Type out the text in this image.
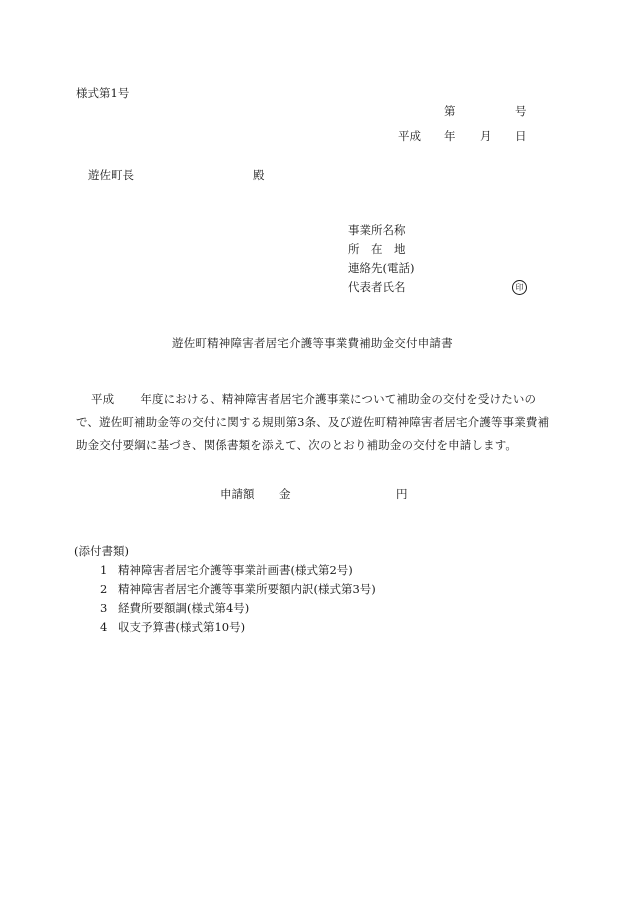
様式第1号
第	号
平成 年 月 日
遊佐町長	殿
事業所名称
所　在　地
連絡先(電話)
代表者氏名	印
遊佐町精神障害者居宅介護等事業費補助金交付申請書
平成 年度における、精神障害者居宅介護事業について補助金の交付を受けたいので、遊佐町補助金等の交付に関する規則第3条、及び遊佐町精神障害者居宅介護等事業費補助金交付要綱に基づき、関係書類を添えて、次のとおり補助金の交付を申請します。
申請額 金	円
(添付書類)
1 精神障害者居宅介護等事業計画書(様式第2号)
2 精神障害者居宅介護等事業所要額内訳(様式第3号)
3 経費所要額調(様式第4号)
4 収支予算書(様式第10号)
